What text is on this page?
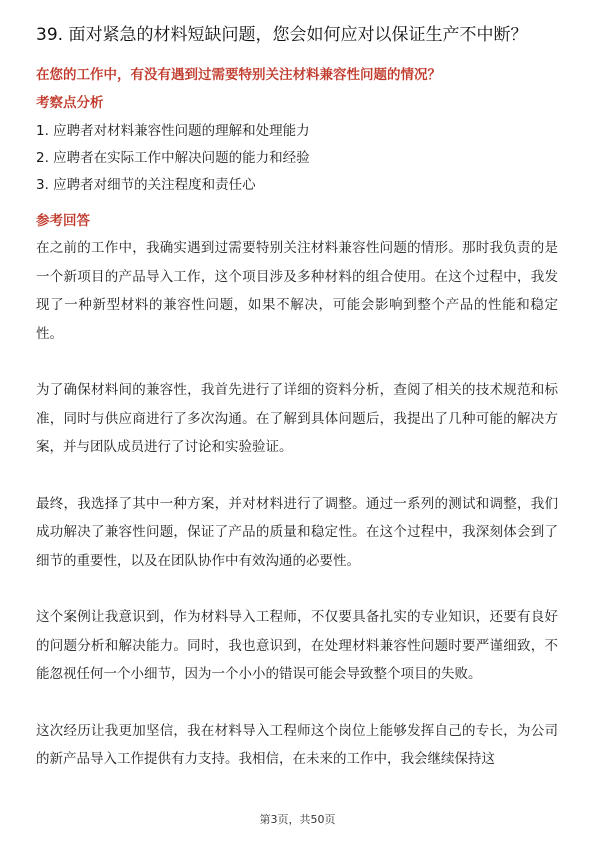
39. 面对紧急的材料短缺问题，您会如何应对以保证生产不中断？
在您的工作中，有没有遇到过需要特别关注材料兼容性问题的情况？
考察点分析
1. 应聘者对材料兼容性问题的理解和处理能力
2. 应聘者在实际工作中解决问题的能力和经验
3. 应聘者对细节的关注程度和责任心
参考回答

在之前的工作中，我确实遇到过需要特别关注材料兼容性问题的情形。那时我负责的是一个新项目的产品导入工作，这个项目涉及多种材料的组合使用。在这个过程中，我发现了一种新型材料的兼容性问题，如果不解决，可能会影响到整个产品的性能和稳定性。

为了确保材料间的兼容性，我首先进行了详细的资料分析，查阅了相关的技术规范和标准，同时与供应商进行了多次沟通。在了解到具体问题后，我提出了几种可能的解决方案，并与团队成员进行了讨论和实验验证。

最终，我选择了其中一种方案，并对材料进行了调整。通过一系列的测试和调整，我们成功解决了兼容性问题，保证了产品的质量和稳定性。在这个过程中，我深刻体会到了细节的重要性，以及在团队协作中有效沟通的必要性。

这个案例让我意识到，作为材料导入工程师，不仅要具备扎实的专业知识，还要有良好的问题分析和解决能力。同时，我也意识到，在处理材料兼容性问题时要严谨细致，不能忽视任何一个小细节，因为一个小小的错误可能会导致整个项目的失败。

这次经历让我更加坚信，我在材料导入工程师这个岗位上能够发挥自己的专长，为公司的新产品导入工作提供有力支持。我相信，在未来的工作中，我会继续保持这

第3页，共50页
